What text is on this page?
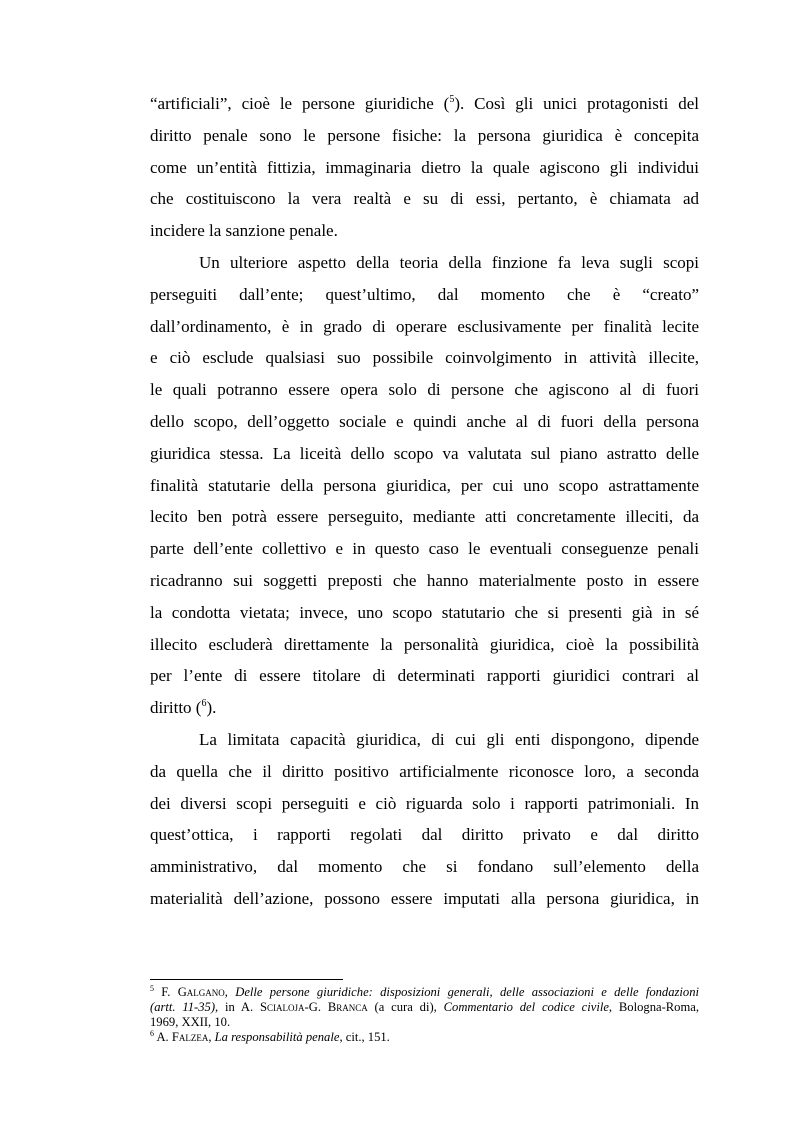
“artificiali”, cioè le persone giuridiche ($^5$). Così gli unici protagonisti del
diritto penale sono le persone fisiche: la persona giuridica è concepita
come un’entità fittizia, immaginaria dietro la quale agiscono gli individui
che costituiscono la vera realtà e su di essi, pertanto, è chiamata ad
incidere la sanzione penale.
Un ulteriore aspetto della teoria della finzione fa leva sugli scopi
perseguiti dall’ente; quest’ultimo, dal momento che è “creato”
dall’ordinamento, è in grado di operare esclusivamente per finalità lecite
e ciò esclude qualsiasi suo possibile coinvolgimento in attività illecite,
le quali potranno essere opera solo di persone che agiscono al di fuori
dello scopo, dell’oggetto sociale e quindi anche al di fuori della persona
giuridica stessa. La liceità dello scopo va valutata sul piano astratto delle
finalità statutarie della persona giuridica, per cui uno scopo astrattamente
lecito ben potrà essere perseguito, mediante atti concretamente illeciti, da
parte dell’ente collettivo e in questo caso le eventuali conseguenze penali
ricadranno sui soggetti preposti che hanno materialmente posto in essere
la condotta vietata; invece, uno scopo statutario che si presenti già in sé
illecito escluderà direttamente la personalità giuridica, cioè la possibilità
per l’ente di essere titolare di determinati rapporti giuridici contrari al
diritto ($^6$).
La limitata capacità giuridica, di cui gli enti dispongono, dipende
da quella che il diritto positivo artificialmente riconosce loro, a seconda
dei diversi scopi perseguiti e ciò riguarda solo i rapporti patrimoniali. In
quest’ottica, i rapporti regolati dal diritto privato e dal diritto
amministrativo, dal momento che si fondano sull’elemento della
materialità dell’azione, possono essere imputati alla persona giuridica, in
$^5$ F. Galgano, Delle persone giuridiche: disposizioni generali, delle associazioni e delle fondazioni
(artt. 11-35), in A. Scialoja-G. Branca (a cura di), Commentario del codice civile, Bologna-Roma,
1969, XXII, 10.
$^6$ A. Falzea, La responsabilità penale, cit., 151.
